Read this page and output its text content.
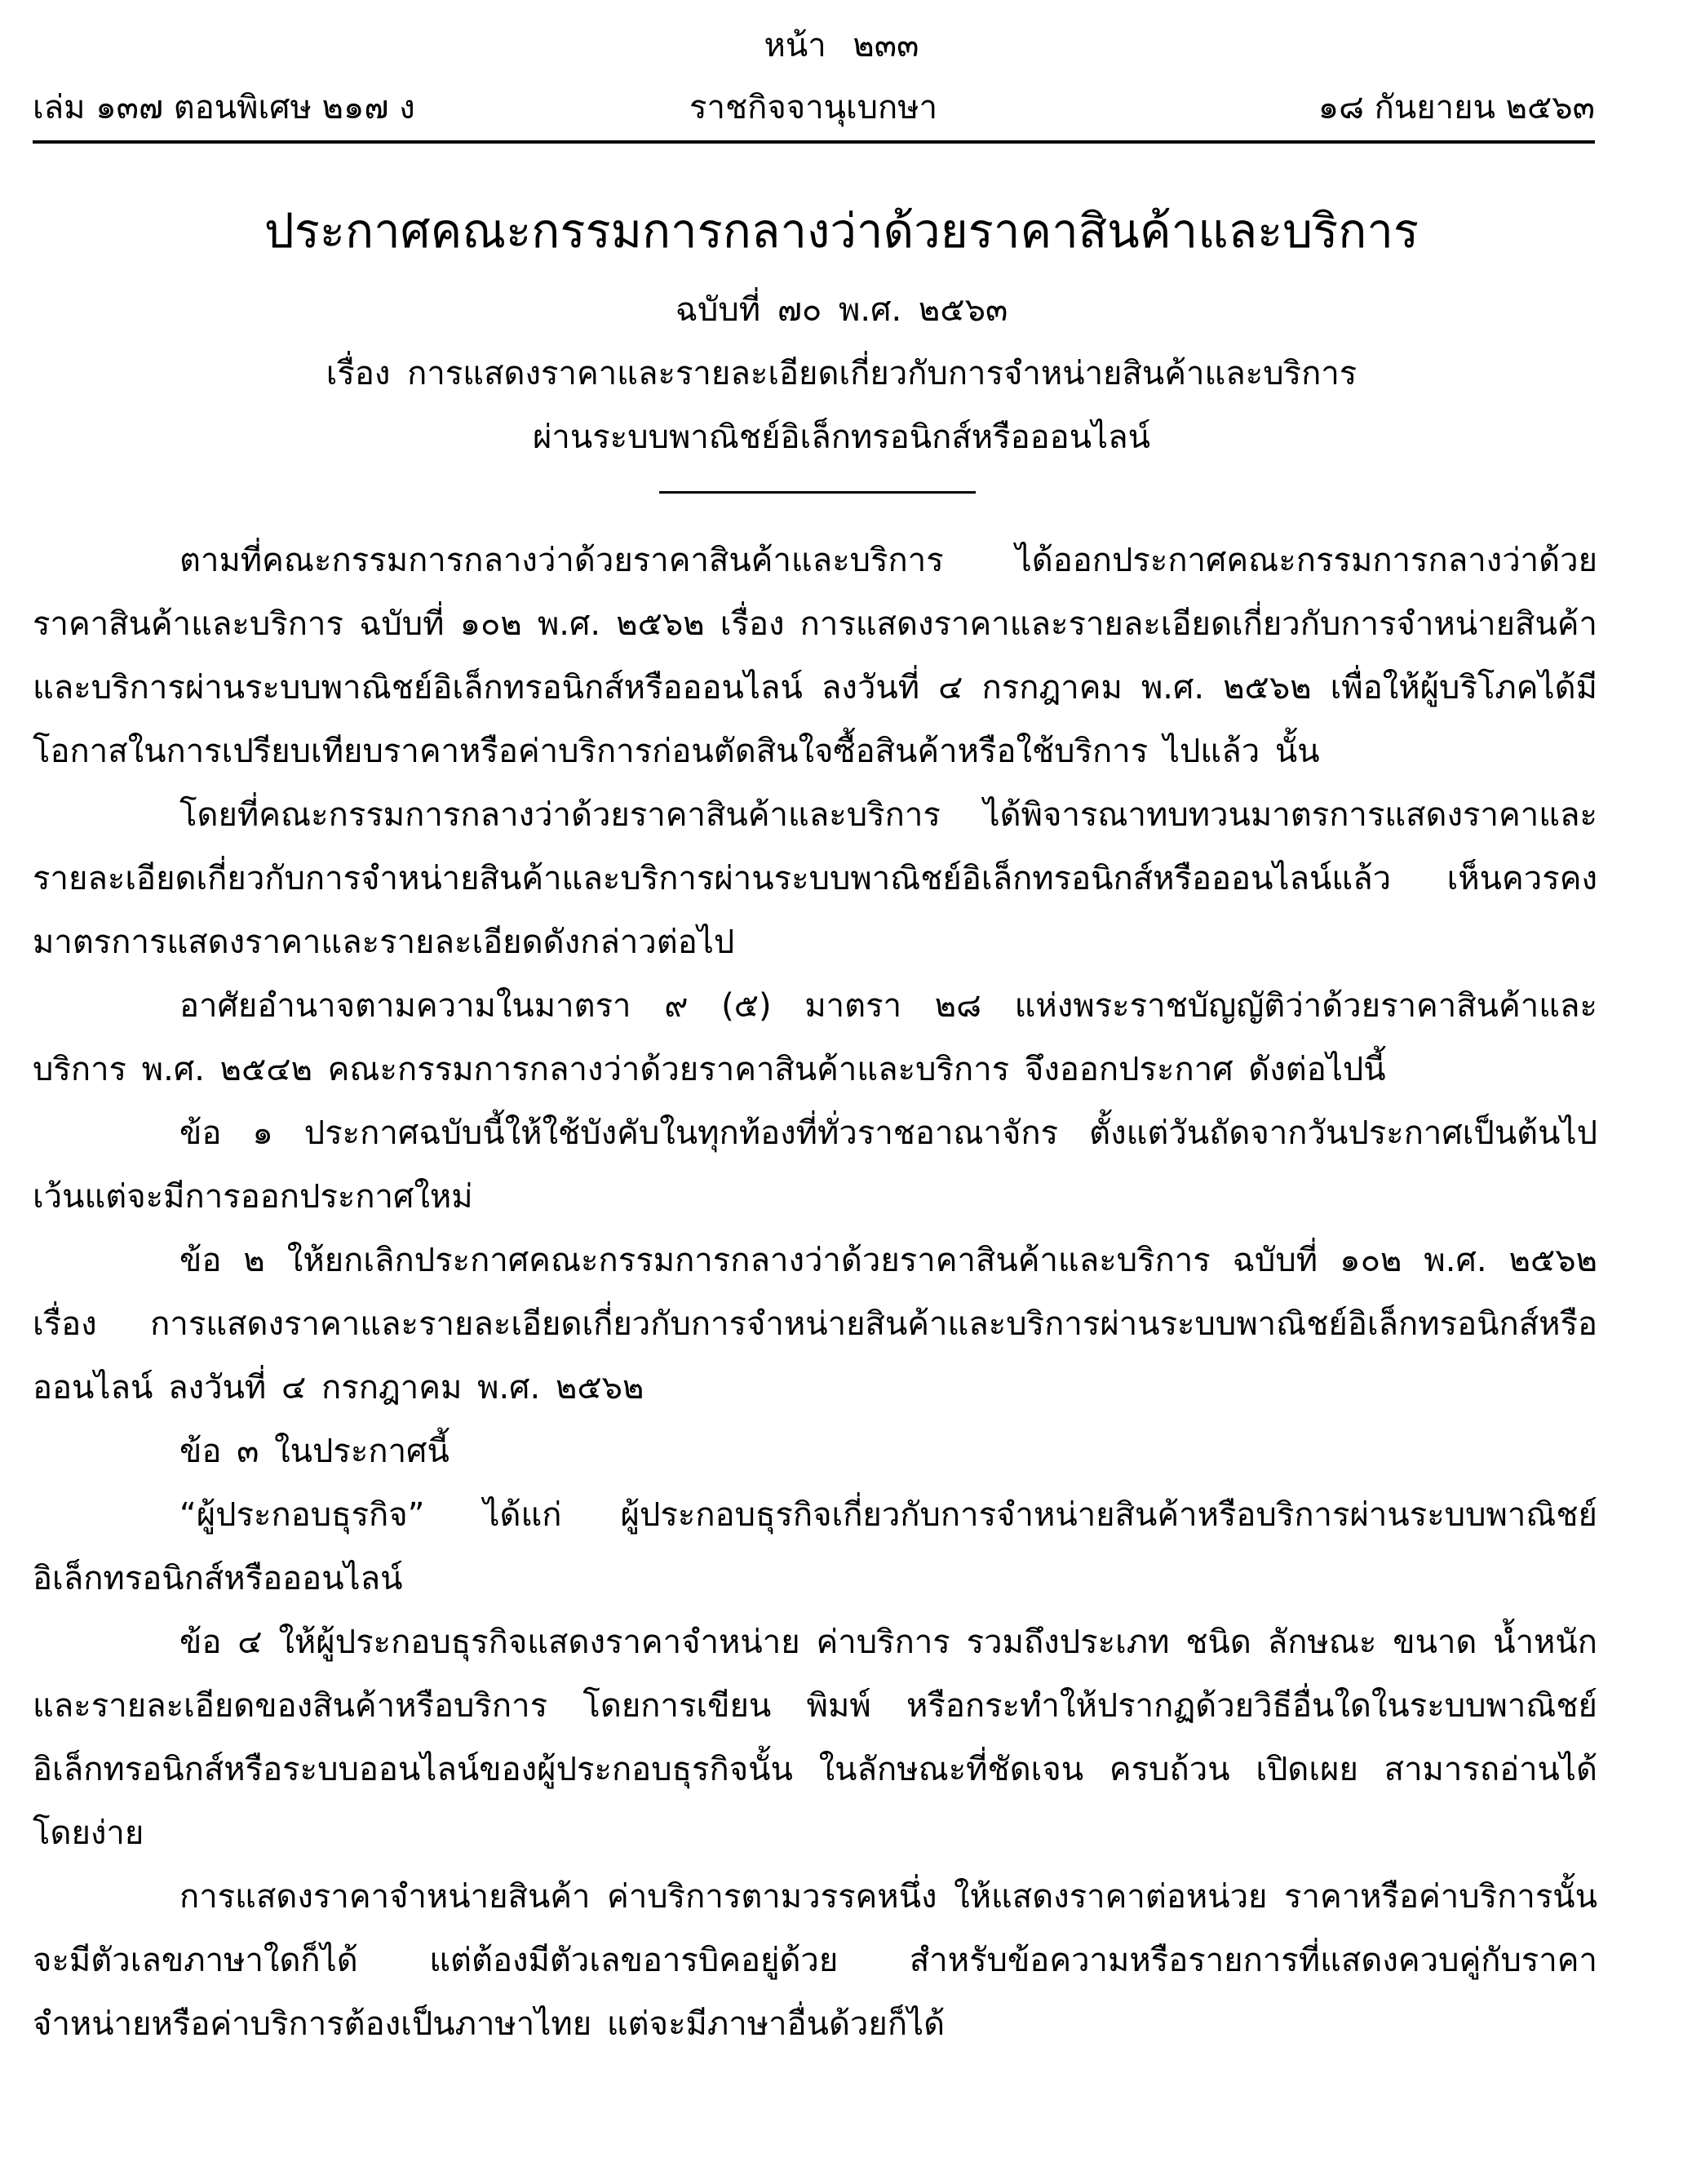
หน้า ๒๓๓
เล่ม ๑๓๗ ตอนพิเศษ ๒๑๗ ง	ราชกิจจานุเบกษา	๑๘ กันยายน ๒๕๖๓
ประกาศคณะกรรมการกลางว่าด้วยราคาสินค้าและบริการ
ฉบับที่ ๗๐ พ.ศ. ๒๕๖๓
เรื่อง การแสดงราคาและรายละเอียดเกี่ยวกับการจำหน่ายสินค้าและบริการ
ผ่านระบบพาณิชย์อิเล็กทรอนิกส์หรือออนไลน์

ตามที่คณะกรรมการกลางว่าด้วยราคาสินค้าและบริการ ได้ออกประกาศคณะกรรมการกลางว่าด้วยราคาสินค้าและบริการ ฉบับที่ ๑๐๒ พ.ศ. ๒๕๖๒ เรื่อง การแสดงราคาและรายละเอียดเกี่ยวกับการจำหน่ายสินค้าและบริการผ่านระบบพาณิชย์อิเล็กทรอนิกส์หรือออนไลน์ ลงวันที่ ๔ กรกฎาคม พ.ศ. ๒๕๖๒ เพื่อให้ผู้บริโภคได้มีโอกาสในการเปรียบเทียบราคาหรือค่าบริการก่อนตัดสินใจซื้อสินค้าหรือใช้บริการ ไปแล้ว นั้น

โดยที่คณะกรรมการกลางว่าด้วยราคาสินค้าและบริการ ได้พิจารณาทบทวนมาตรการแสดงราคาและรายละเอียดเกี่ยวกับการจำหน่ายสินค้าและบริการผ่านระบบพาณิชย์อิเล็กทรอนิกส์หรือออนไลน์แล้ว เห็นควรคงมาตรการแสดงราคาและรายละเอียดดังกล่าวต่อไป

อาศัยอำนาจตามความในมาตรา ๙ (๕) มาตรา ๒๘ แห่งพระราชบัญญัติว่าด้วยราคาสินค้าและบริการ พ.ศ. ๒๕๔๒ คณะกรรมการกลางว่าด้วยราคาสินค้าและบริการ จึงออกประกาศ ดังต่อไปนี้

ข้อ ๑ ประกาศฉบับนี้ให้ใช้บังคับในทุกท้องที่ทั่วราชอาณาจักร ตั้งแต่วันถัดจากวันประกาศเป็นต้นไป เว้นแต่จะมีการออกประกาศใหม่

ข้อ ๒ ให้ยกเลิกประกาศคณะกรรมการกลางว่าด้วยราคาสินค้าและบริการ ฉบับที่ ๑๐๒ พ.ศ. ๒๕๖๒ เรื่อง การแสดงราคาและรายละเอียดเกี่ยวกับการจำหน่ายสินค้าและบริการผ่านระบบพาณิชย์อิเล็กทรอนิกส์หรือออนไลน์ ลงวันที่ ๔ กรกฎาคม พ.ศ. ๒๕๖๒

ข้อ ๓ ในประกาศนี้

“ผู้ประกอบธุรกิจ” ได้แก่ ผู้ประกอบธุรกิจเกี่ยวกับการจำหน่ายสินค้าหรือบริการผ่านระบบพาณิชย์อิเล็กทรอนิกส์หรือออนไลน์

ข้อ ๔ ให้ผู้ประกอบธุรกิจแสดงราคาจำหน่าย ค่าบริการ รวมถึงประเภท ชนิด ลักษณะ ขนาด น้ำหนัก และรายละเอียดของสินค้าหรือบริการ โดยการเขียน พิมพ์ หรือกระทำให้ปรากฏด้วยวิธีอื่นใดในระบบพาณิชย์อิเล็กทรอนิกส์หรือระบบออนไลน์ของผู้ประกอบธุรกิจนั้น ในลักษณะที่ชัดเจน ครบถ้วน เปิดเผย สามารถอ่านได้โดยง่าย

การแสดงราคาจำหน่ายสินค้า ค่าบริการตามวรรคหนึ่ง ให้แสดงราคาต่อหน่วย ราคาหรือค่าบริการนั้นจะมีตัวเลขภาษาใดก็ได้ แต่ต้องมีตัวเลขอารบิคอยู่ด้วย สำหรับข้อความหรือรายการที่แสดงควบคู่กับราคาจำหน่ายหรือค่าบริการต้องเป็นภาษาไทย แต่จะมีภาษาอื่นด้วยก็ได้
